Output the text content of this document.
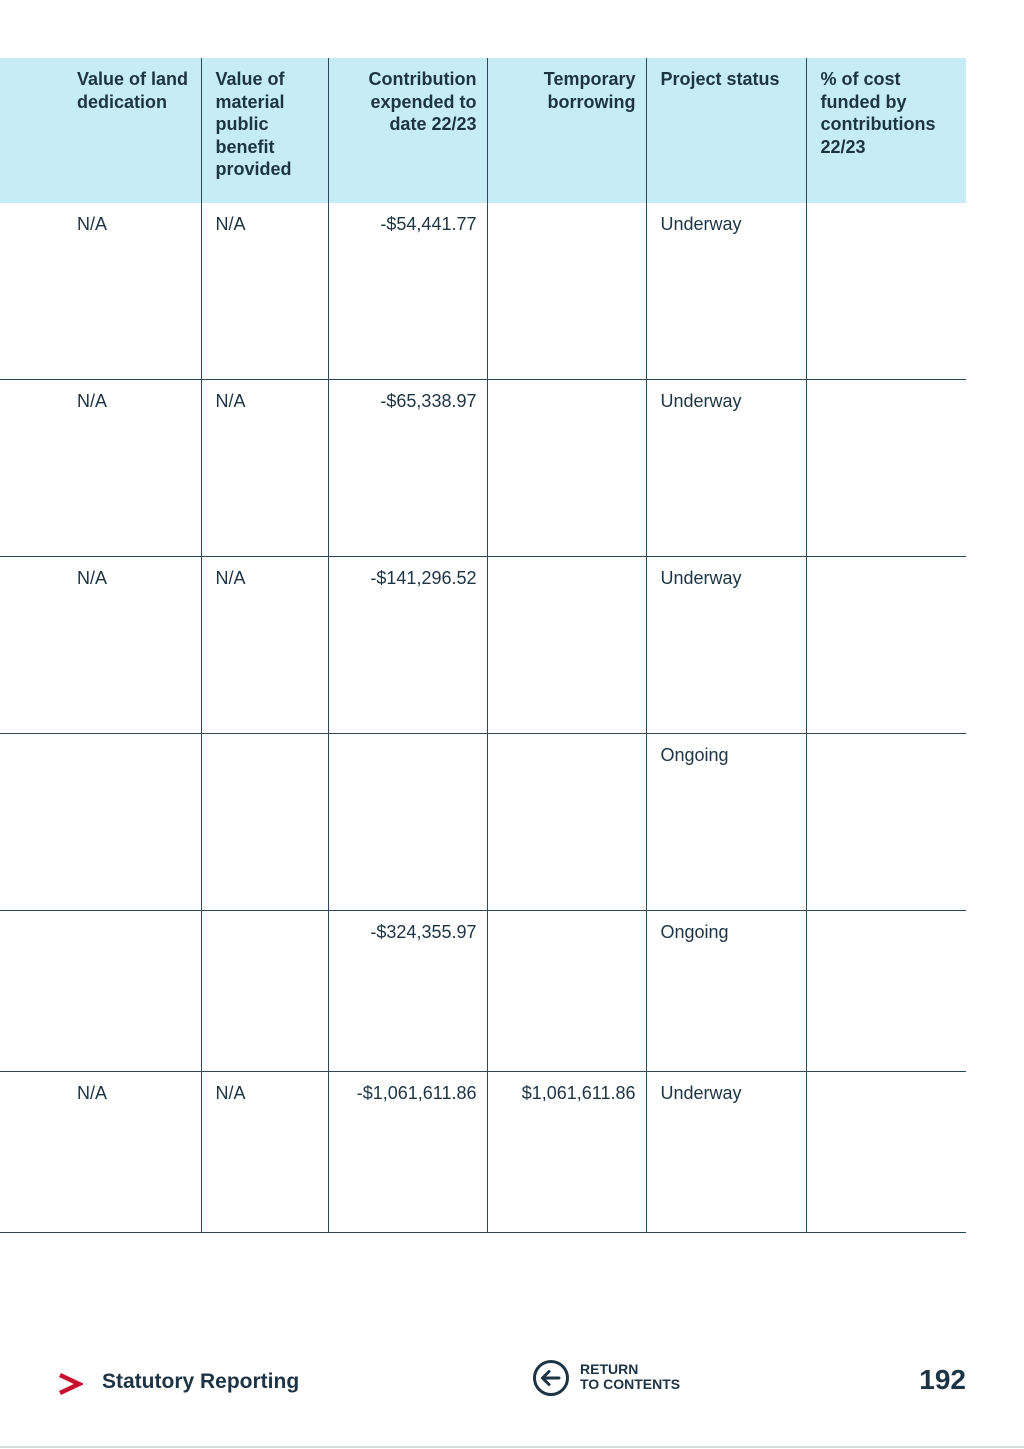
Value of land dedication	Value of material public benefit provided	Contribution expended to date 22/23	Temporary borrowing	Project status	% of cost funded by contributions 22/23
N/A	N/A	-$54,441.77		Underway	
N/A	N/A	-$65,338.97		Underway	
N/A	N/A	-$141,296.52		Underway	
				Ongoing	
		-$324,355.97		Ongoing	
N/A	N/A	-$1,061,611.86	$1,061,611.86	Underway	
Statutory Reporting
RETURN
TO CONTENTS	192
